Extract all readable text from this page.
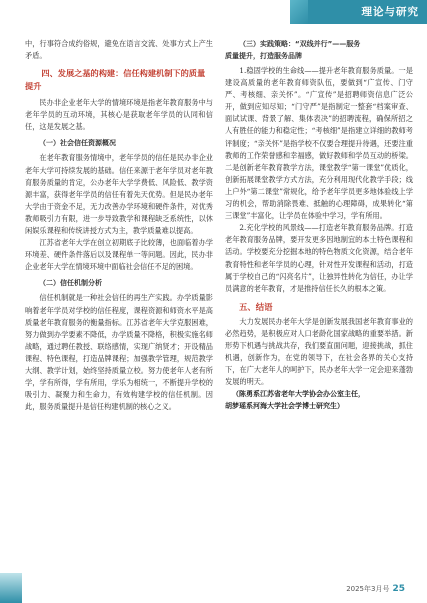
理论与研究

中，行事符合成约俗规，避免在语言交流、处事方式上产生矛盾。

四、发展之基的构建：信任构建机制下的质量提升

民办非企业老年大学的情境环境是指老年教育服务中与老年学员的互动环境，其核心是获取老年学员的认同和信任，这是发展之基。

（一）社会信任资源概况

在老年教育服务情境中，老年学员的信任是民办非企业老年大学可持续发展的基础。信任来源于老年学员对老年教育服务质量的肯定，公办老年大学学费低、风险低、教学资源丰富，获得老年学员的信任有着先天优势。但是民办老年大学由于资金不足，无力改善办学环境和硬件条件，对优秀教师吸引力有限，进一步导致教学和课程缺乏系统性，以休闲娱乐课程和传统讲授方式为主，教学质量难以提高。

江苏省老年大学在创立初期底子比较薄，也面临着办学环境差、硬件条件落后以及课程单一等问题。因此，民办非企业老年大学在情境环境中面临社会信任不足的困境。

（二）信任机制分析

信任机制就是一种社会信任的再生产实践。办学质量影响着老年学员对学校的信任程度，课程资源和师资水平是高质量老年教育服务的衡量指标。江苏省老年大学克服困难，努力做到办学要素不降低，办学质量不降格，积极实施名师战略，通过聘任教授、联络感情，实现广纳贤才；开设精品课程、特色课程，打造品牌课程；加强教学管理，规范教学大纲、教学计划，始终坚持质量立校。努力使老年人老有所学，学有所得，学有所用，学乐为相统一，不断提升学校的吸引力、凝聚力和生命力，有效构建学校的信任机制。因此，服务质量提升是信任构建机制的核心之义。

（三）实践策略：“双线并行”——服务
质量提升，打造服务品牌

1.稳固学校的生命线——提升老年教育服务质量。一是建设高质量的老年教育师资队伍，要做到“广宣传、门守严、考核细、亲关怀”。“广宣传”是招聘师资信息广泛公开，做到应知尽知；“门守严”是指制定一整套“档案审查、面试试课、背景了解、集体表决”的招聘流程，确保所招之人有胜任的能力和稳定性；“考核细”是指建立详细的教师考评制度；“亲关怀”是指学校不仅要合理提升待遇，还要注重教师的工作荣誉感和幸福感，做好教师和学员互动的桥梁。二是创新老年教育教学方法，课堂教学“第一课堂”优质化，创新拓展课堂教学方式方法，充分利用现代化教学手段；线上户外“第二课堂”常规化，给予老年学员更多地体验线上学习的机会，帮助消除畏难、抵触的心理障碍，成果转化“第三课堂”丰富化，让学员在体验中学习，学有所用。

2.充化学校的风景线——打造老年教育服务品牌。打造老年教育服务品牌，要开发更多因地制宜的本土特色课程和活动。学校要充分挖掘本地的特色物质文化资源，结合老年教育特性和老年学员的心理，针对性开发课程和活动，打造属于学校自己的“闪亮名片”，让独异性转化为信任，办让学员满意的老年教育，才是推持信任长久的根本之策。

五、结语

大力发展民办老年大学是创新发展我国老年教育事业的必然趋势，是积极应对人口老龄化国家战略的重要举措。新形势下机遇与挑战共存，我们要直面问题，迎接挑战，抓住机遇，创新作为，在党的领导下，在社会各界的关心支持下，在广大老年人的呵护下，民办老年大学一定会迎来蓬勃发展的明天。

（陈勇系江苏省老年大学协会办公室主任，
胡梦瑶系河海大学社会学博士研究生）
2025年3月号 25
